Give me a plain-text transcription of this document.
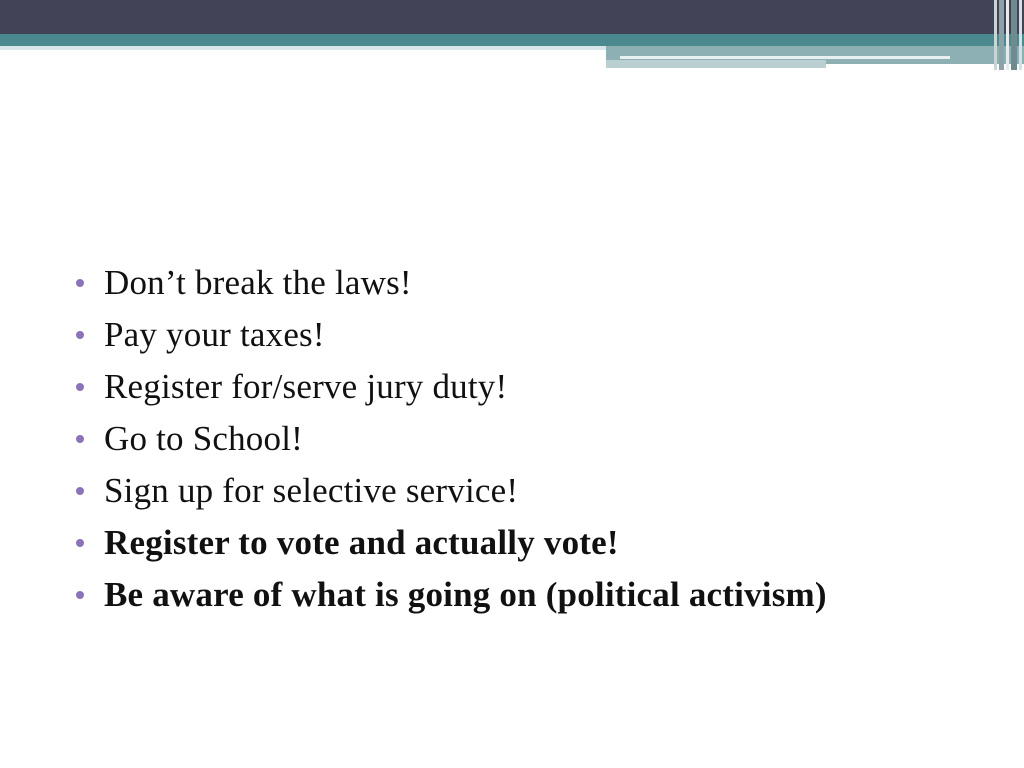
Don’t break the laws!
Pay your taxes!
Register for/serve jury duty!
Go to School!
Sign up for selective service!
Register to vote and actually vote!
Be aware of what is going on (political activism)
